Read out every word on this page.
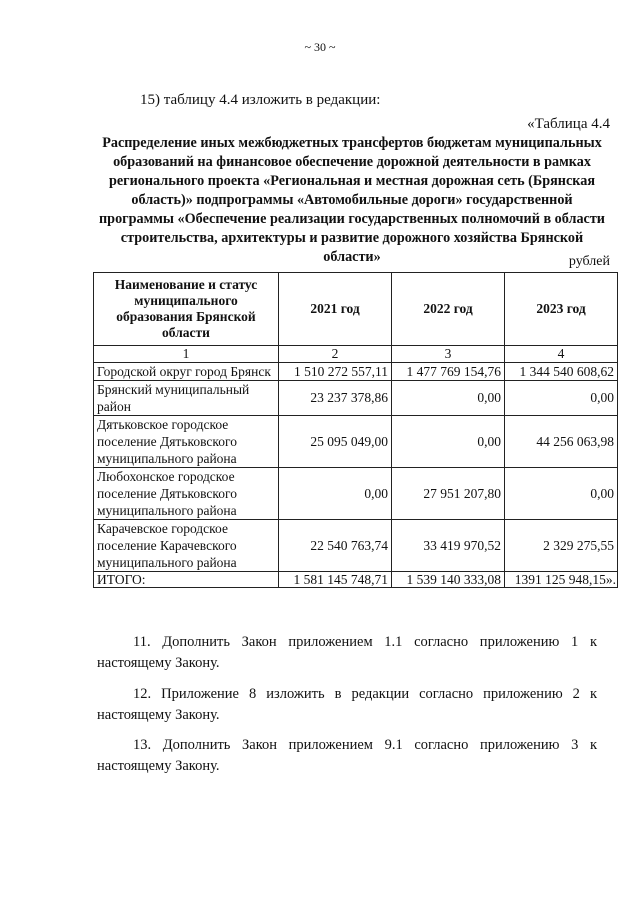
~ 30 ~
15) таблицу 4.4 изложить в редакции:
«Таблица 4.4
Распределение иных межбюджетных трансфертов бюджетам муниципальных образований на финансовое обеспечение дорожной деятельности в рамках регионального проекта «Региональная и местная дорожная сеть (Брянская область)» подпрограммы «Автомобильные дороги» государственной программы «Обеспечение реализации государственных полномочий в области строительства, архитектуры и развитие дорожного хозяйства Брянской области»	рублей
Наименование и статус муниципального образования Брянской области	2021 год	2022 год	2023 год
1	2	3	4
Городской округ город Брянск	1 510 272 557,11	1 477 769 154,76	1 344 540 608,62
Брянский муниципальный район	23 237 378,86	0,00	0,00
Дятьковское городское поселение Дятьковского муниципального района	25 095 049,00	0,00	44 256 063,98
Любохонское городское поселение Дятьковского муниципального района	0,00	27 951 207,80	0,00
Карачевское городское поселение Карачевского муниципального района	22 540 763,74	33 419 970,52	2 329 275,55
ИТОГО:	1 581 145 748,71	1 539 140 333,08	1391 125 948,15».
11. Дополнить Закон приложением 1.1 согласно приложению 1 к настоящему Закону.
12. Приложение 8 изложить в редакции согласно приложению 2 к настоящему Закону.
13. Дополнить Закон приложением 9.1 согласно приложению 3 к настоящему Закону.
